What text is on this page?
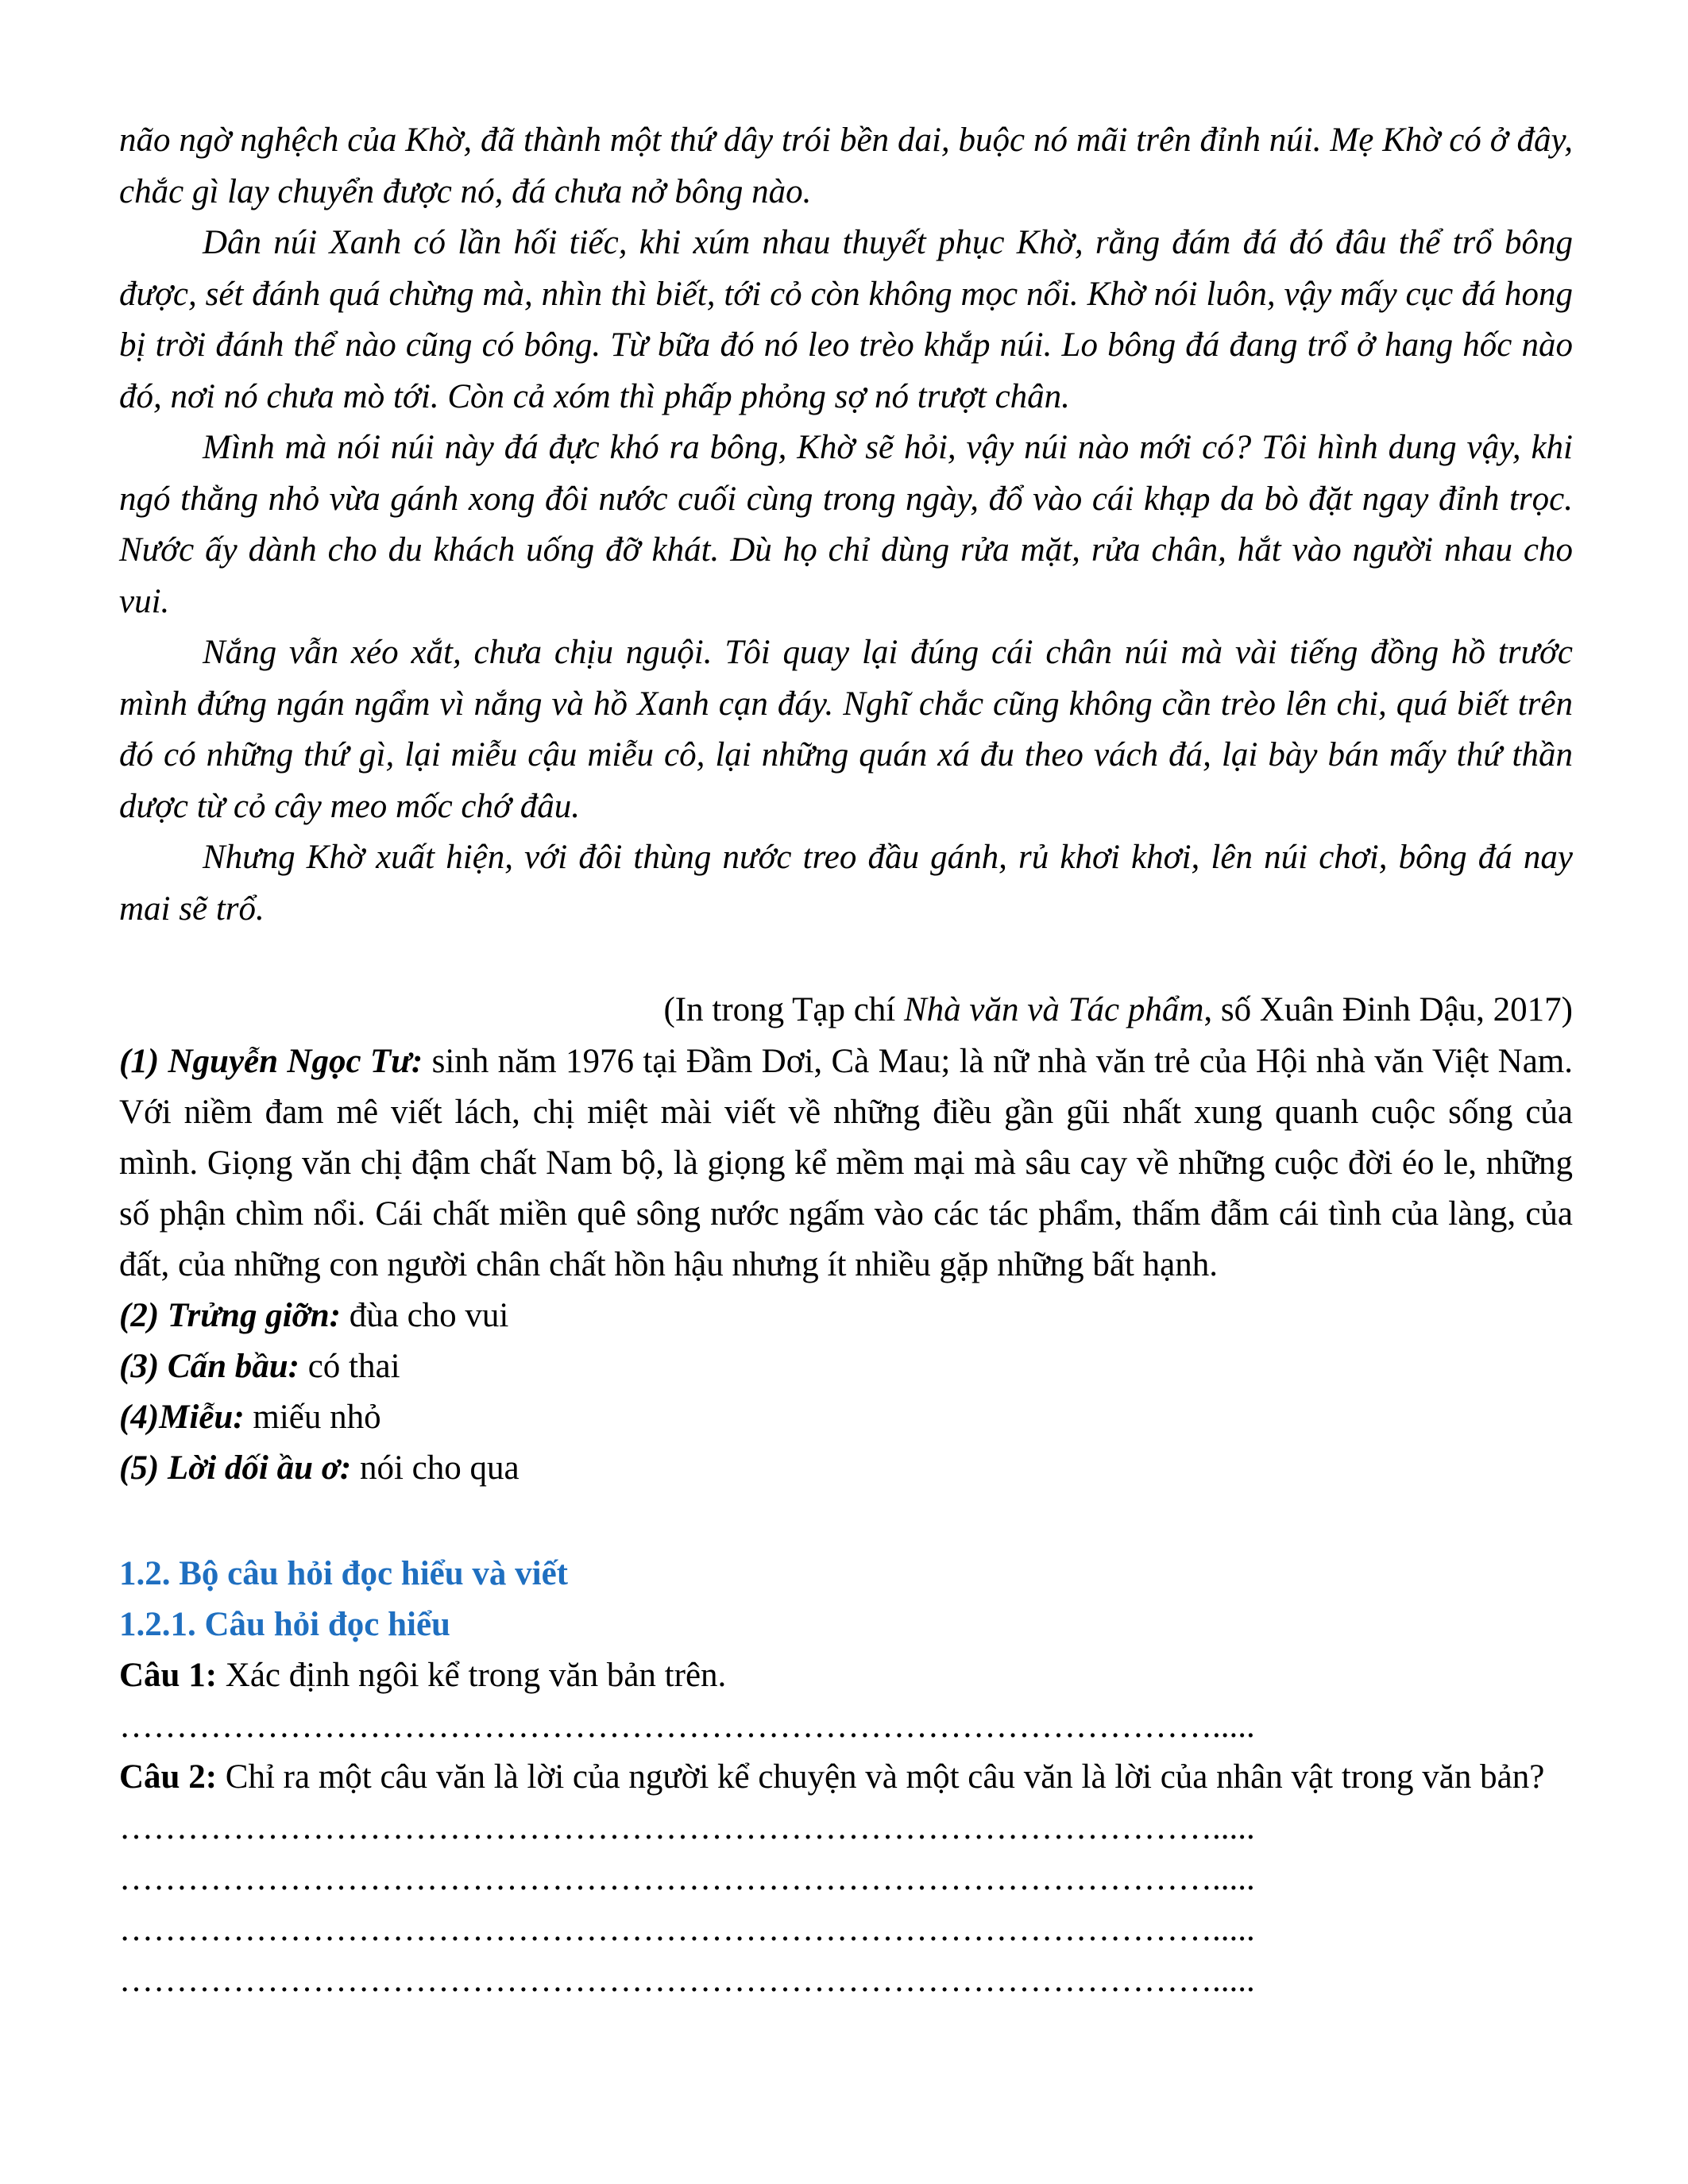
não ngờ nghệch của Khờ, đã thành một thứ dây trói bền dai, buộc nó mãi trên đỉnh núi. Mẹ Khờ có ở đây, chắc gì lay chuyển được nó, đá chưa nở bông nào.

Dân núi Xanh có lần hối tiếc, khi xúm nhau thuyết phục Khờ, rằng đám đá đó đâu thể trổ bông được, sét đánh quá chừng mà, nhìn thì biết, tới cỏ còn không mọc nổi. Khờ nói luôn, vậy mấy cục đá hong bị trời đánh thể nào cũng có bông. Từ bữa đó nó leo trèo khắp núi. Lo bông đá đang trổ ở hang hốc nào đó, nơi nó chưa mò tới. Còn cả xóm thì phấp phỏng sợ nó trượt chân.

Mình mà nói núi này đá đực khó ra bông, Khờ sẽ hỏi, vậy núi nào mới có? Tôi hình dung vậy, khi ngó thằng nhỏ vừa gánh xong đôi nước cuối cùng trong ngày, đổ vào cái khạp da bò đặt ngay đỉnh trọc. Nước ấy dành cho du khách uống đỡ khát. Dù họ chỉ dùng rửa mặt, rửa chân, hắt vào người nhau cho vui.

Nắng vẫn xéo xắt, chưa chịu nguội. Tôi quay lại đúng cái chân núi mà vài tiếng đồng hồ trước mình đứng ngán ngẩm vì nắng và hồ Xanh cạn đáy. Nghĩ chắc cũng không cần trèo lên chi, quá biết trên đó có những thứ gì, lại miễu cậu miễu cô, lại những quán xá đu theo vách đá, lại bày bán mấy thứ thần dược từ cỏ cây meo mốc chớ đâu.

Nhưng Khờ xuất hiện, với đôi thùng nước treo đầu gánh, rủ khơi khơi, lên núi chơi, bông đá nay mai sẽ trổ.

(In trong Tạp chí Nhà văn và Tác phẩm, số Xuân Đinh Dậu, 2017)

(1) Nguyễn Ngọc Tư: sinh năm 1976 tại Đầm Dơi, Cà Mau; là nữ nhà văn trẻ của Hội nhà văn Việt Nam. Với niềm đam mê viết lách, chị miệt mài viết về những điều gần gũi nhất xung quanh cuộc sống của mình. Giọng văn chị đậm chất Nam bộ, là giọng kể mềm mại mà sâu cay về những cuộc đời éo le, những số phận chìm nổi. Cái chất miền quê sông nước ngấm vào các tác phẩm, thấm đẫm cái tình của làng, của đất, của những con người chân chất hồn hậu nhưng ít nhiều gặp những bất hạnh.

(2) Trửng giỡn: đùa cho vui

(3) Cấn bầu: có thai

(4)Miễu: miếu nhỏ

(5) Lời dối ầu ơ: nói cho qua

1.2. Bộ câu hỏi đọc hiểu và viết
1.2.1. Câu hỏi đọc hiểu

Câu 1: Xác định ngôi kể trong văn bản trên.

…………………………………………………………………………………….....

Câu 2: Chỉ ra một câu văn là lời của người kể chuyện và một câu văn là lời của nhân vật trong văn bản?

…………………………………………………………………………………….....

…………………………………………………………………………………….....

…………………………………………………………………………………….....

…………………………………………………………………………………….....
